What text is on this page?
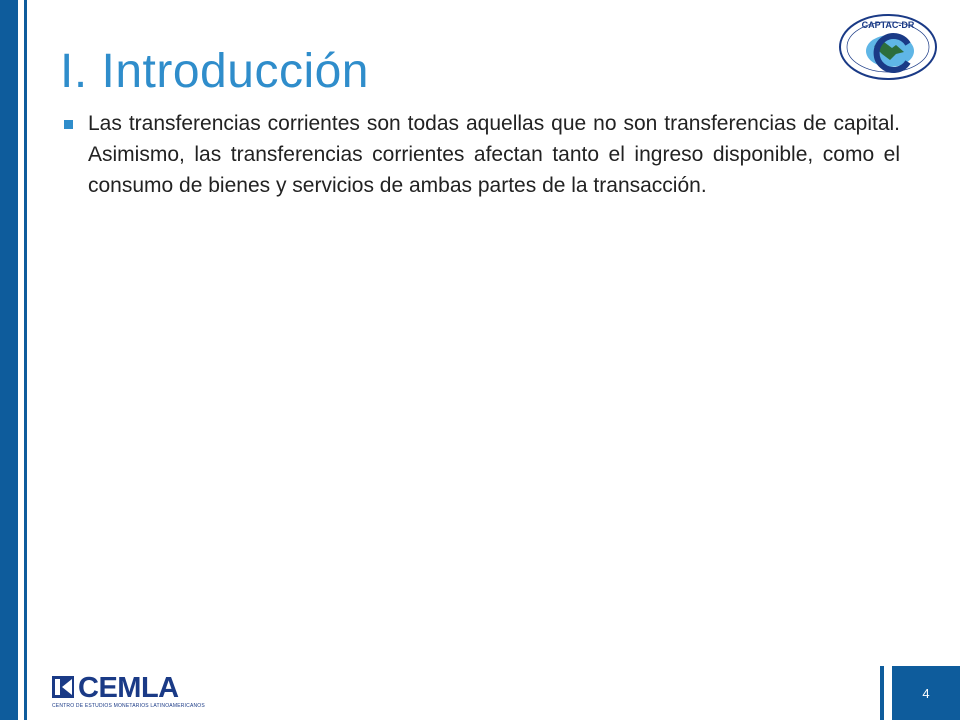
I. Introducción
CAPTAC-DR

Las transferencias corrientes son todas aquellas que no son transferencias de capital. Asimismo, las transferencias corrientes afectan tanto el ingreso disponible, como el consumo de bienes y servicios de ambas partes de la transacción.

CEMLA
CENTRO DE ESTUDIOS MONETARIOS LATINOAMERICANOS
4
